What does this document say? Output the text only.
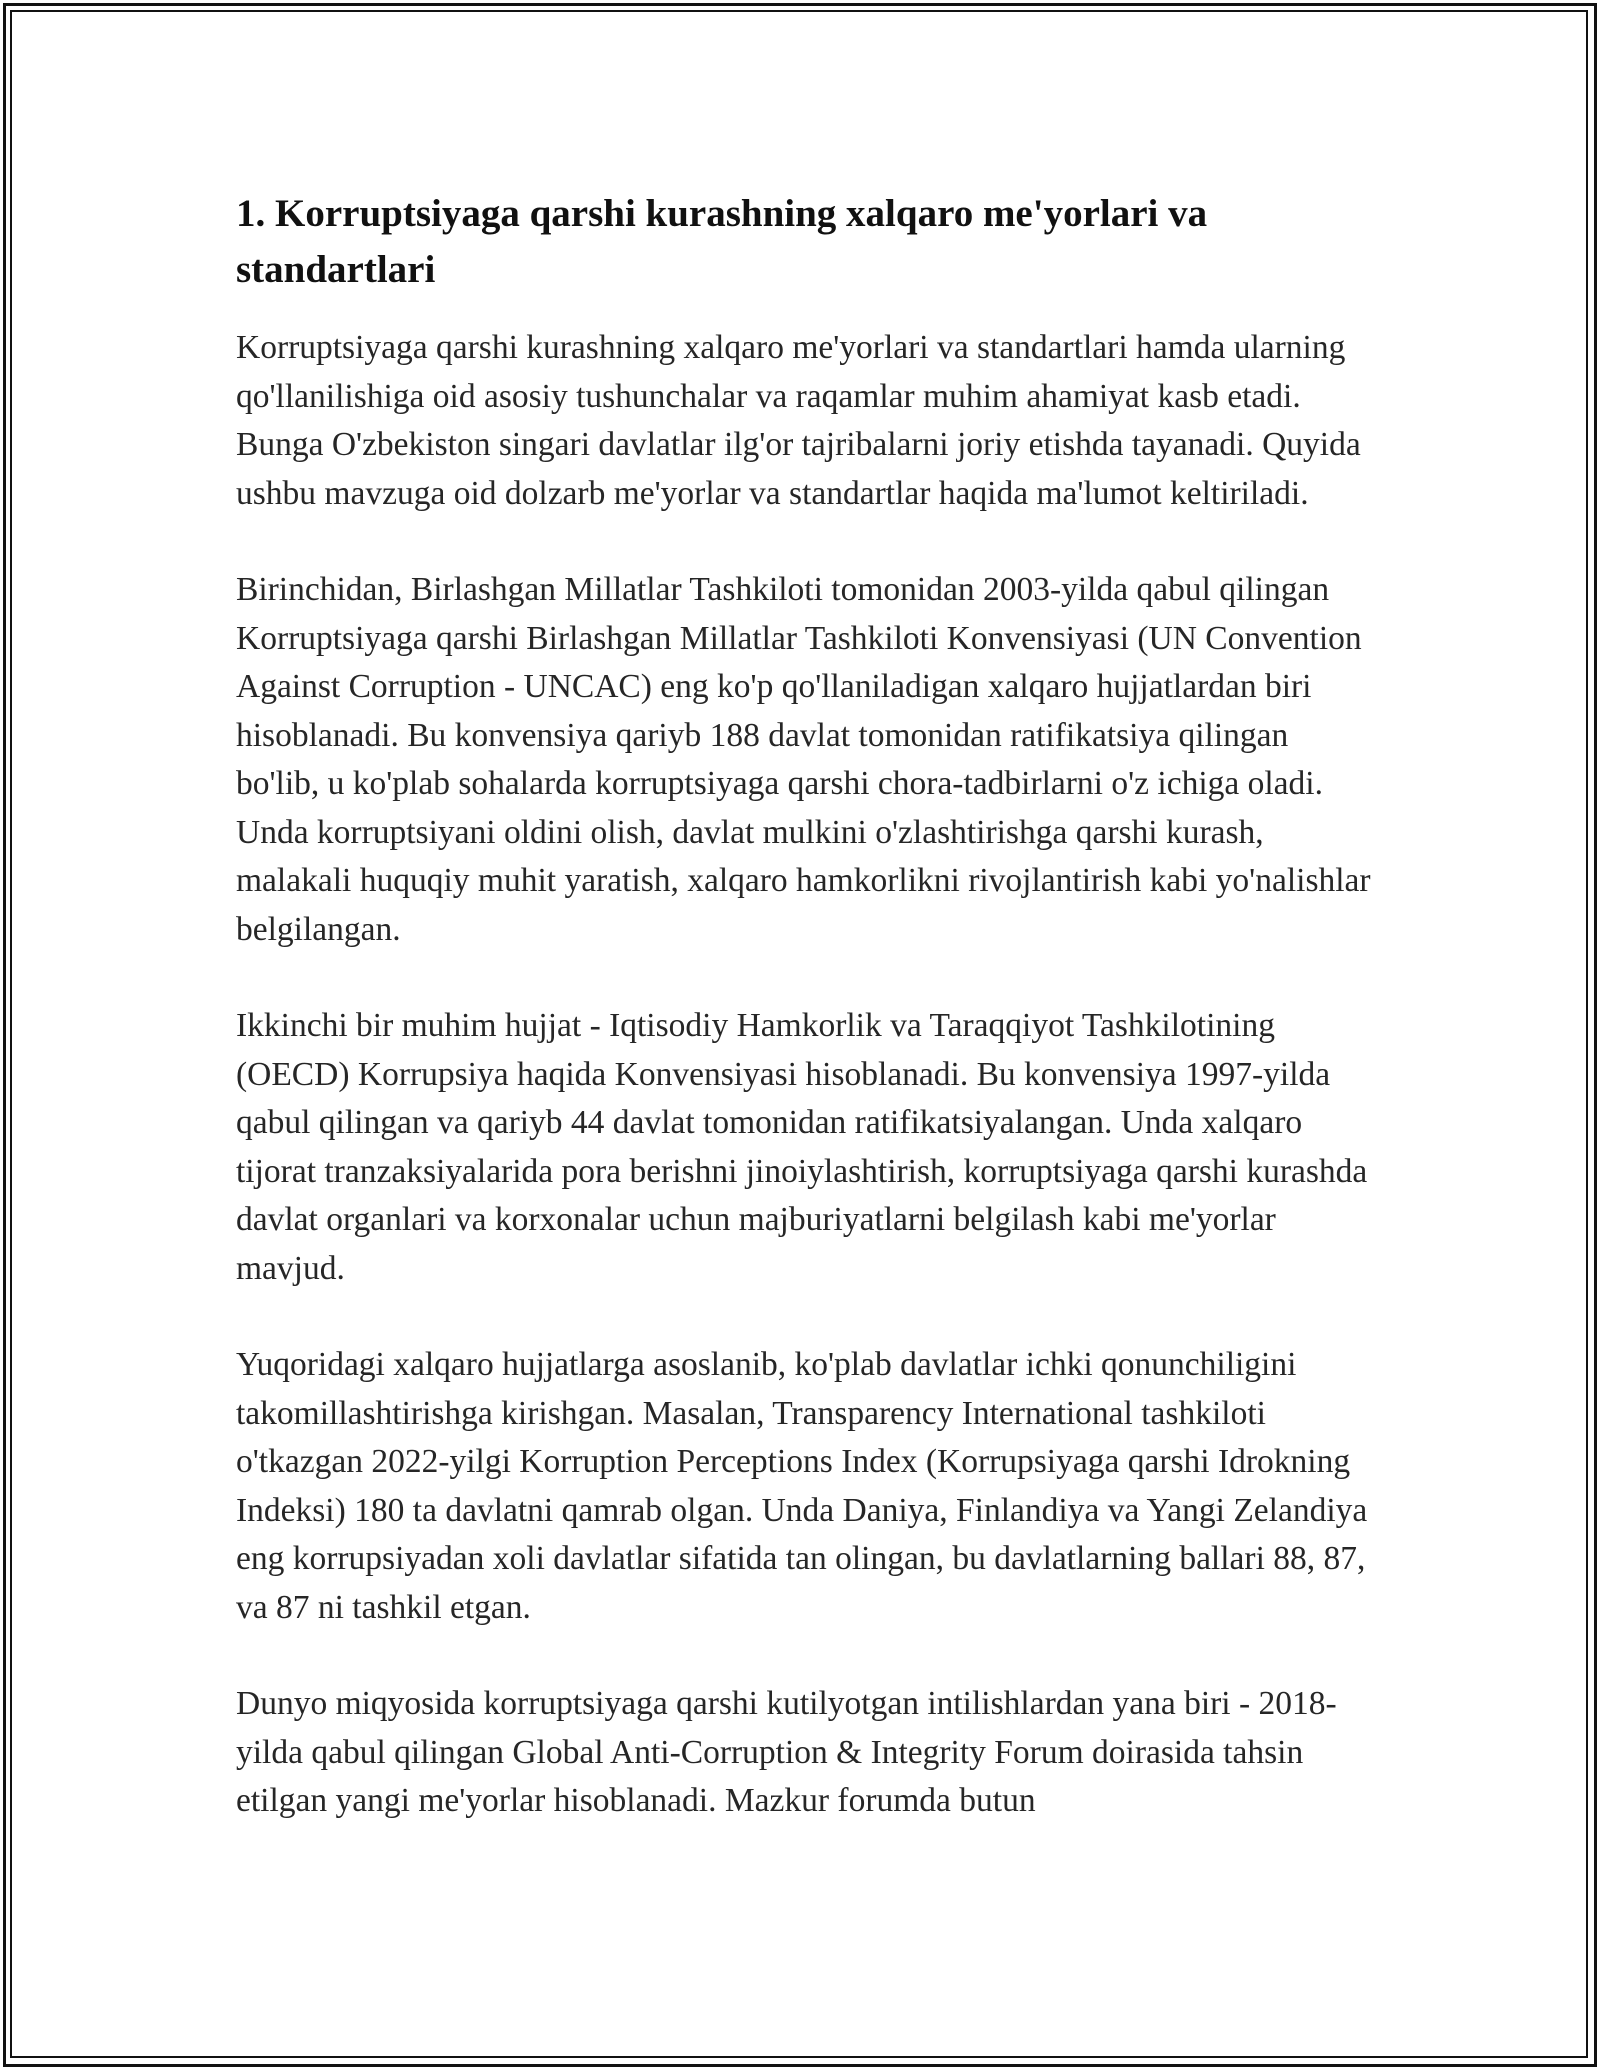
1. Korruptsiyaga qarshi kurashning xalqaro me'yorlari va standartlari

Korruptsiyaga qarshi kurashning xalqaro me'yorlari va standartlari hamda ularning qo'llanilishiga oid asosiy tushunchalar va raqamlar muhim ahamiyat kasb etadi. Bunga O'zbekiston singari davlatlar ilg'or tajribalarni joriy etishda tayanadi. Quyida ushbu mavzuga oid dolzarb me'yorlar va standartlar haqida ma'lumot keltiriladi.

Birinchidan, Birlashgan Millatlar Tashkiloti tomonidan 2003-yilda qabul qilingan Korruptsiyaga qarshi Birlashgan Millatlar Tashkiloti Konvensiyasi (UN Convention Against Corruption - UNCAC) eng ko'p qo'llaniladigan xalqaro hujjatlardan biri hisoblanadi. Bu konvensiya qariyb 188 davlat tomonidan ratifikatsiya qilingan bo'lib, u ko'plab sohalarda korruptsiyaga qarshi chora-tadbirlarni o'z ichiga oladi. Unda korruptsiyani oldini olish, davlat mulkini o'zlashtirishga qarshi kurash, malakali huquqiy muhit yaratish, xalqaro hamkorlikni rivojlantirish kabi yo'nalishlar belgilangan.

Ikkinchi bir muhim hujjat - Iqtisodiy Hamkorlik va Taraqqiyot Tashkilotining (OECD) Korrupsiya haqida Konvensiyasi hisoblanadi. Bu konvensiya 1997-yilda qabul qilingan va qariyb 44 davlat tomonidan ratifikatsiyalangan. Unda xalqaro tijorat tranzaksiyalarida pora berishni jinoiylashtirish, korruptsiyaga qarshi kurashda davlat organlari va korxonalar uchun majburiyatlarni belgilash kabi me'yorlar mavjud.

Yuqoridagi xalqaro hujjatlarga asoslanib, ko'plab davlatlar ichki qonunchiligini takomillashtirishga kirishgan. Masalan, Transparency International tashkiloti o'tkazgan 2022-yilgi Korruption Perceptions Index (Korrupsiyaga qarshi Idrokning Indeksi) 180 ta davlatni qamrab olgan. Unda Daniya, Finlandiya va Yangi Zelandiya eng korrupsiyadan xoli davlatlar sifatida tan olingan, bu davlatlarning ballari 88, 87, va 87 ni tashkil etgan.

Dunyo miqyosida korruptsiyaga qarshi kutilyotgan intilishlardan yana biri - 2018-yilda qabul qilingan Global Anti-Corruption & Integrity Forum doirasida tahsin etilgan yangi me'yorlar hisoblanadi. Mazkur forumda butun
